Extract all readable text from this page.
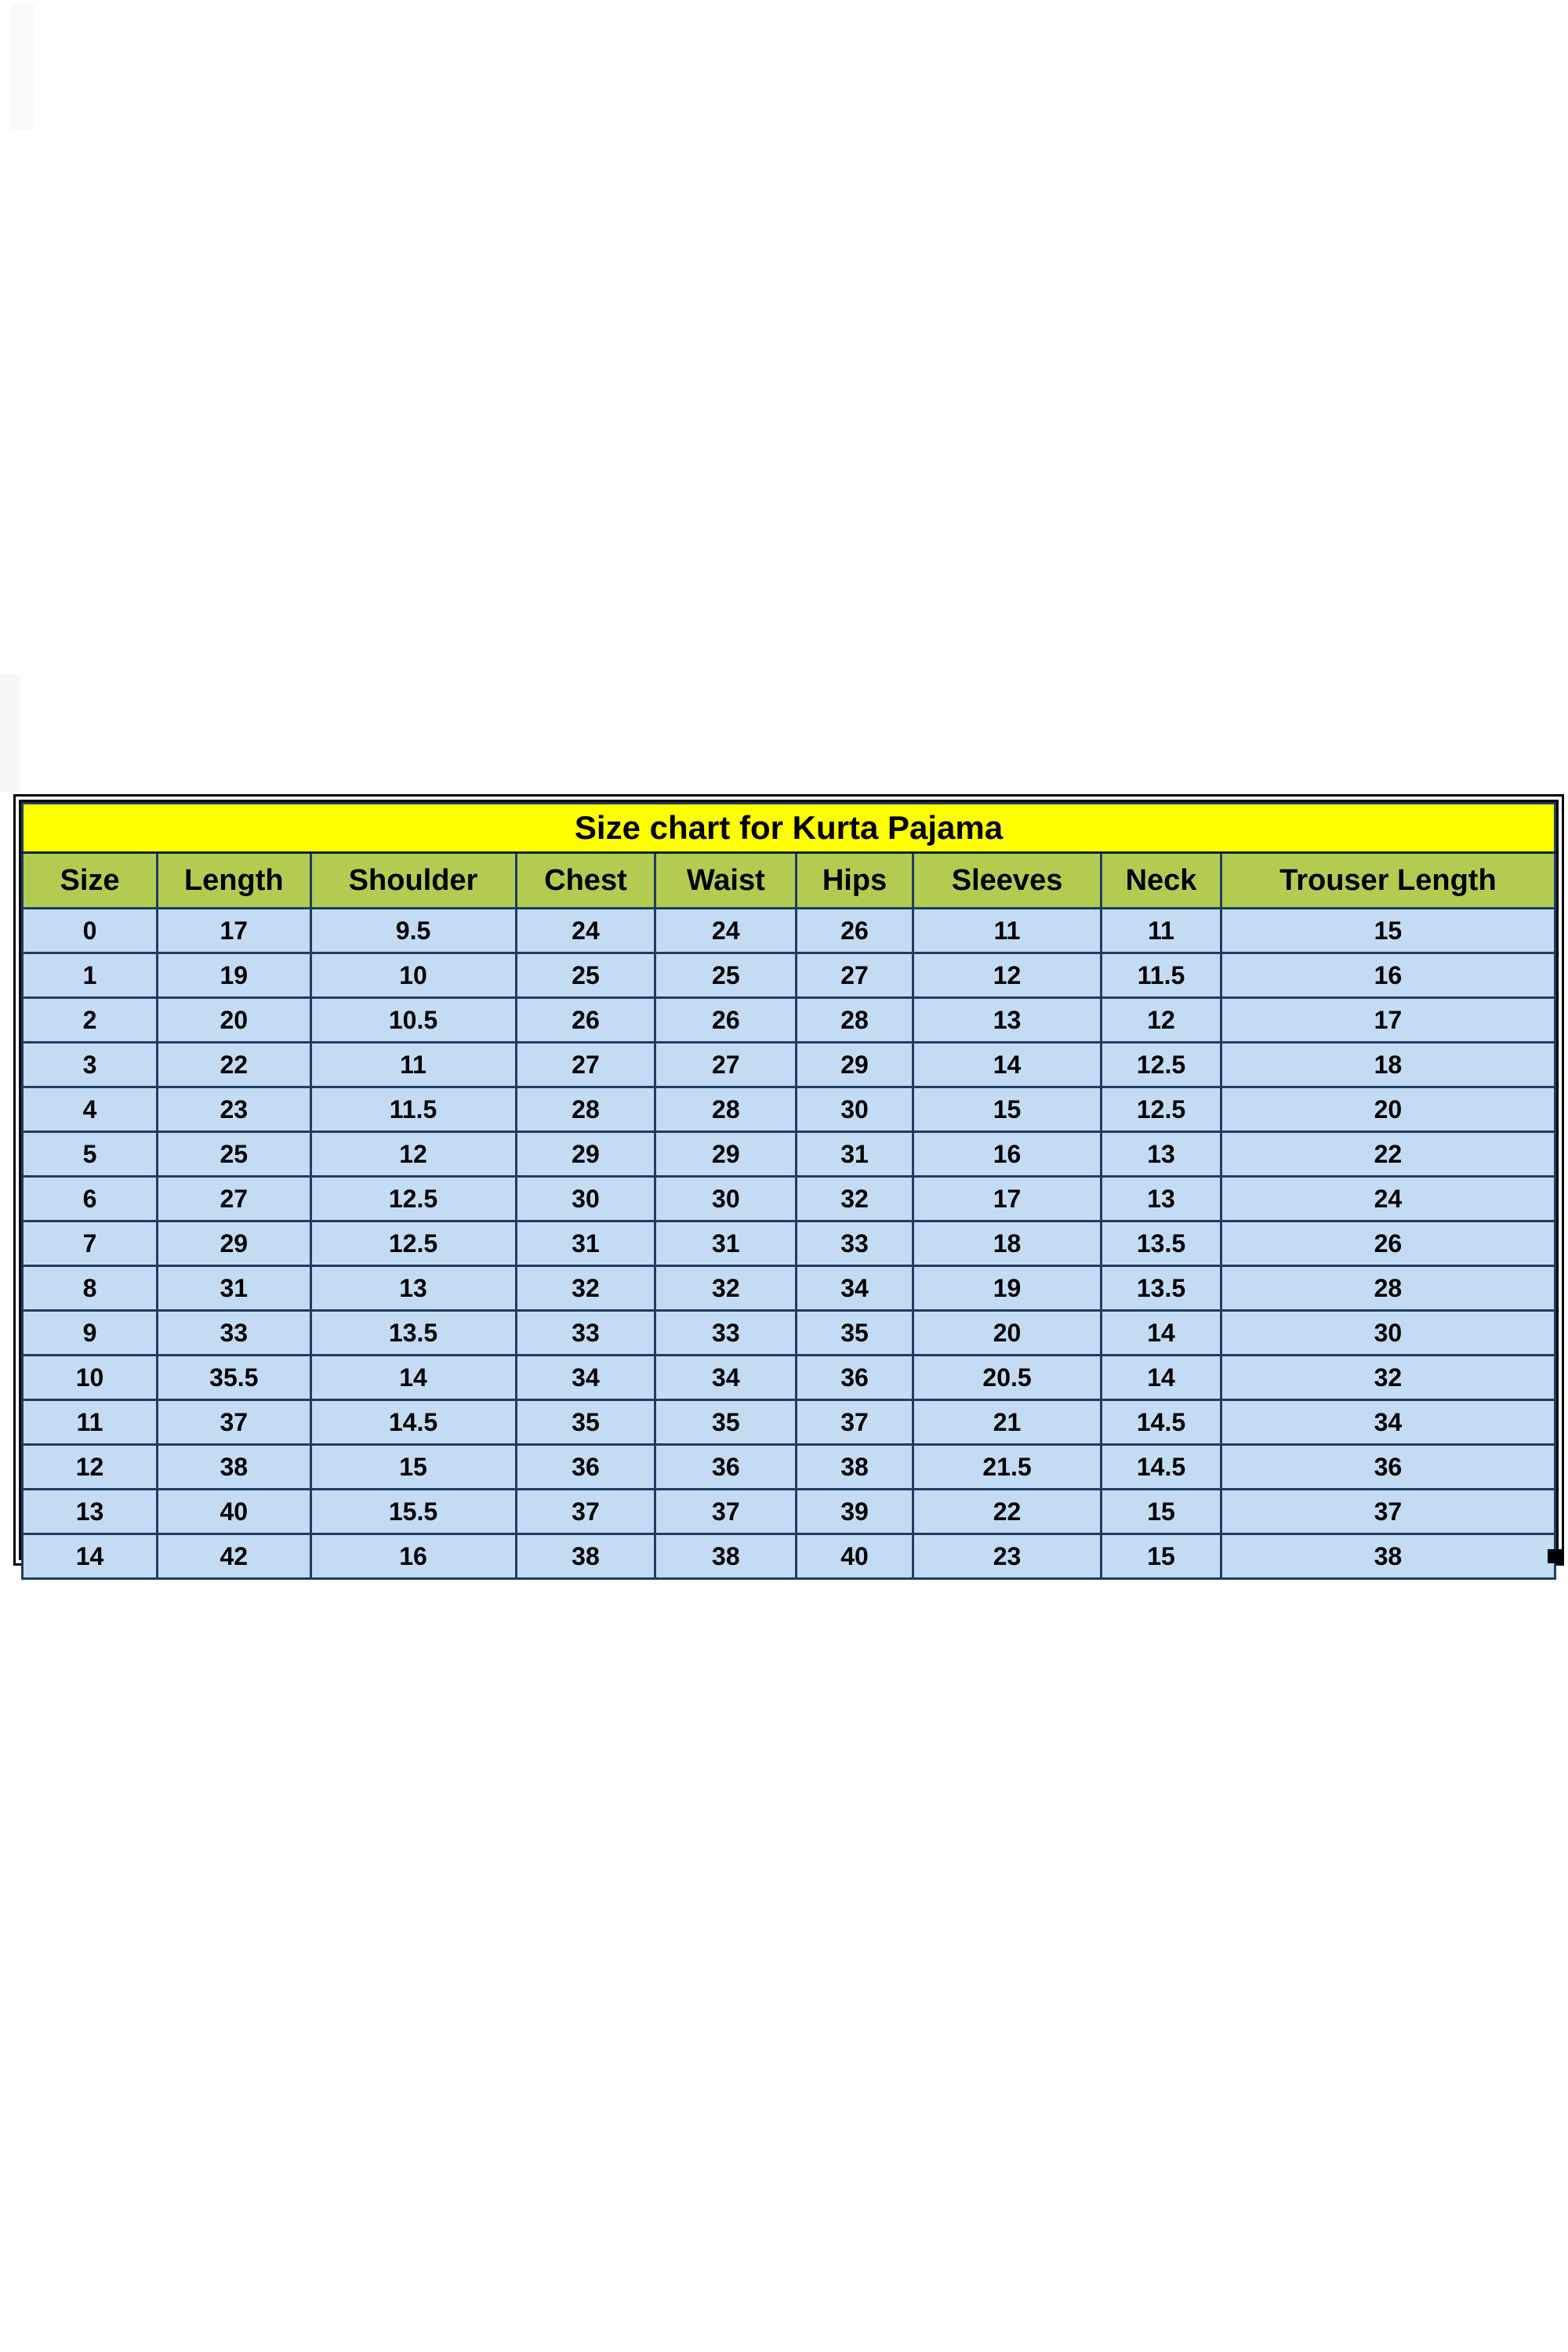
Size chart for Kurta Pajama								
Size	Length	Shoulder	Chest	Waist	Hips	Sleeves	Neck	Trouser Length
0	17	9.5	24	24	26	11	11	15
1	19	10	25	25	27	12	11.5	16
2	20	10.5	26	26	28	13	12	17
3	22	11	27	27	29	14	12.5	18
4	23	11.5	28	28	30	15	12.5	20
5	25	12	29	29	31	16	13	22
6	27	12.5	30	30	32	17	13	24
7	29	12.5	31	31	33	18	13.5	26
8	31	13	32	32	34	19	13.5	28
9	33	13.5	33	33	35	20	14	30
10	35.5	14	34	34	36	20.5	14	32
11	37	14.5	35	35	37	21	14.5	34
12	38	15	36	36	38	21.5	14.5	36
13	40	15.5	37	37	39	22	15	37
14	42	16	38	38	40	23	15	38
